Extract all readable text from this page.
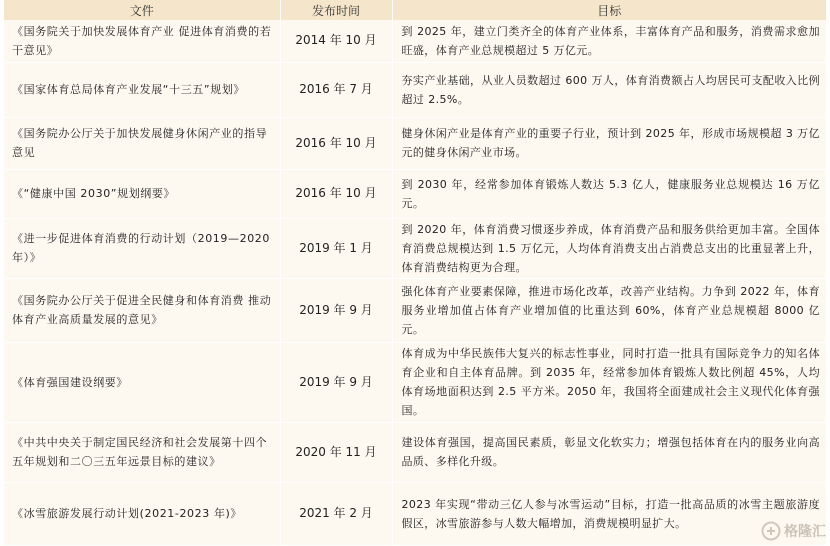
文件	发布时间	目标
《国务院关于加快发展体育产业 促进体育消费的若干意见》	2014 年 10 月	到 2025 年，建立门类齐全的体育产业体系，丰富体育产品和服务，消费需求愈加旺盛，体育产业总规模超过 5 万亿元。
《国家体育总局体育产业发展“十三五”规划》	2016 年 7 月	夯实产业基础，从业人员数超过 600 万人，体育消费额占人均居民可支配收入比例超过 2.5%。
《国务院办公厅关于加快发展健身休闲产业的指导意见	2016 年 10 月	健身休闲产业是体育产业的重要子行业，预计到 2025 年，形成市场规模超 3 万亿元的健身休闲产业市场。
《“健康中国 2030”规划纲要》	2016 年 10 月	到 2030 年，经常参加体育锻炼人数达 5.3 亿人，健康服务业总规模达 16 万亿元。
《进一步促进体育消费的行动计划（2019—2020 年）》	2019 年 1 月	到 2020 年，体育消费习惯逐步养成，体育消费产品和服务供给更加丰富。全国体育消费总规模达到 1.5 万亿元，人均体育消费支出占消费总支出的比重显著上升，体育消费结构更为合理。
《国务院办公厅关于促进全民健身和体育消费 推动体育产业高质量发展的意见》	2019 年 9 月	强化体育产业要素保障，推进市场化改革，改善产业结构。力争到 2022 年，体育服务业增加值占体育产业增加值的比重达到 60%，体育产业总规模超 8000 亿元。
《体育强国建设纲要》	2019 年 9 月	体育成为中华民族伟大复兴的标志性事业，同时打造一批具有国际竞争力的知名体育企业和自主体育品牌。到 2035 年，经常参加体育锻炼人数比例超 45%，人均体育场地面积达到 2.5 平方米。2050 年，我国将全面建成社会主义现代化体育强国。
《中共中央关于制定国民经济和社会发展第十四个五年规划和二〇三五年远景目标的建议》	2020 年 11 月	建设体育强国，提高国民素质，彰显文化软实力；增强包括体育在内的服务业向高品质、多样化升级。
《冰雪旅游发展行动计划(2021-2023 年)》	2021 年 2 月	2023 年实现“带动三亿人参与冰雪运动”目标，打造一批高品质的冰雪主题旅游度假区，冰雪旅游参与人数大幅增加，消费规模明显扩大。	格隆汇
